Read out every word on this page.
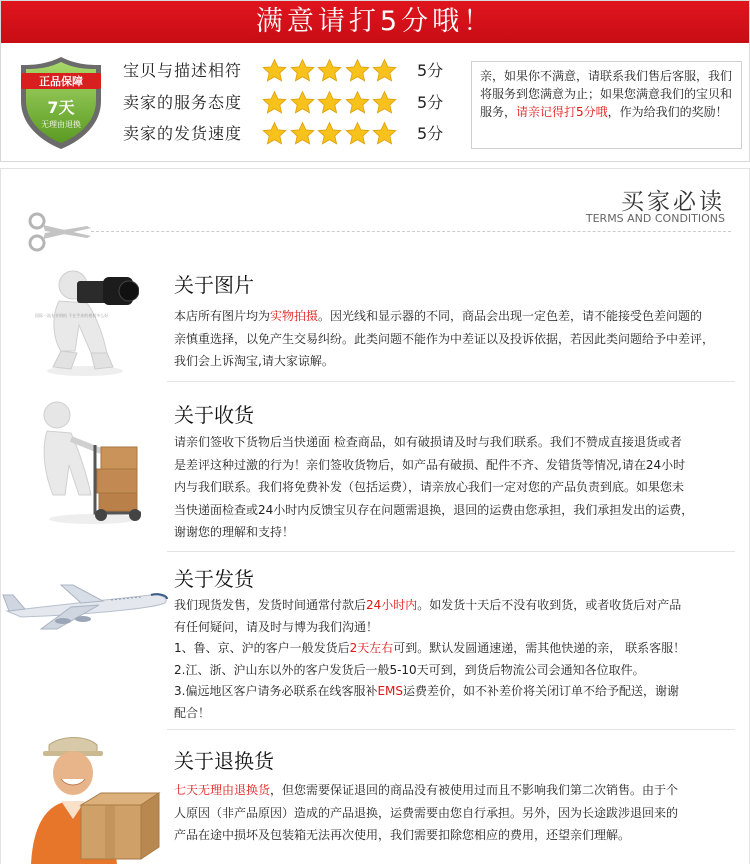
满意请打5分哦！
正品保障
7天
无理由退换
宝贝与描述相符	5分
卖家的服务态度	5分
卖家的发货速度	5分
亲，如果你不满意，请联系我们售后客服，我们将服务到您满意为止；如果您满意我们的宝贝和服务，请亲记得打5分哦，作为给我们的奖励！
买家必读
TERMS AND CONDITIONS
国际一流专业相机 不在乎你的相机多么好
关于图片

本店所有图片均为实物拍摄。因光线和显示器的不同，商品会出现一定色差，请不能接受色差问题的

亲慎重选择，以免产生交易纠纷。此类问题不能作为中差证以及投诉依据，若因此类问题给予中差评，

我们会上诉淘宝,请大家谅解。

关于收货

请亲们签收下货物后当快递面 检查商品，如有破损请及时与我们联系。我们不赞成直接退货或者

是差评这种过激的行为！亲们签收货物后，如产品有破损、配件不齐、发错货等情况,请在24小时

内与我们联系。我们将免费补发（包括运费），请亲放心我们一定对您的产品负责到底。如果您未

当快递面检查或24小时内反馈宝贝存在问题需退换，退回的运费由您承担，我们承担发出的运费，

谢谢您的理解和支持！

关于发货

我们现货发售，发货时间通常付款后24小时内。如发货十天后不没有收到货，或者收货后对产品

有任何疑问，请及时与博为我们沟通！

1、鲁、京、沪的客户一般发货后2天左右可到。默认发圆通速递，需其他快递的亲， 联系客服！

2.江、浙、沪山东以外的客户发货后一般5-10天可到，到货后物流公司会通知各位取件。

3.偏远地区客户请务必联系在线客服补EMS运费差价，如不补差价将关闭订单不给予配送，谢谢

配合！

关于退换货

七天无理由退换货，但您需要保证退回的商品没有被使用过而且不影响我们第二次销售。由于个

人原因（非产品原因）造成的产品退换，运费需要由您自行承担。另外，因为长途跋涉退回来的

产品在途中损坏及包装箱无法再次使用，我们需要扣除您相应的费用，还望亲们理解。
